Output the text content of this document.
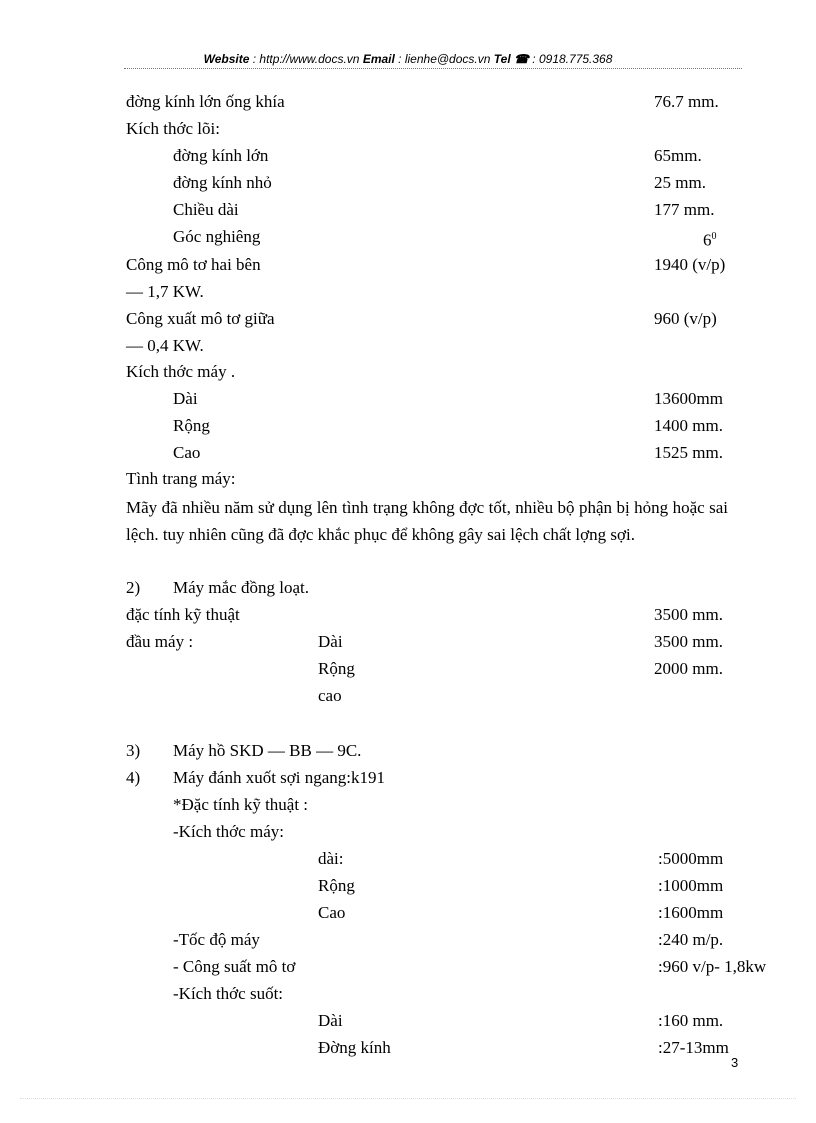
Website : http://www.docs.vn Email : lienhe@docs.vn Tel ☎ : 0918.775.368
đờng kính lớn ống khía	76.7 mm.
Kích thớc lõi:
đờng kính lớn	65mm.
đờng kính nhỏ	25 mm.
Chiều dài	177 mm.
Góc nghiêng	$6^0$
Công mô tơ hai bên	1940 (v/p)
— 1,7 KW.
Công xuất mô tơ giữa	960 (v/p)
— 0,4 KW.
Kích thớc máy .
Dài	13600mm
Rộng	1400 mm.
Cao	1525 mm.
Tình trang máy:
Mãy đã nhiều năm sử dụng lên tình trạng không đợc tốt, nhiều bộ phận bị hỏng hoặc sai lệch. tuy nhiên cũng đã đợc khắc phục để không gây sai lệch chất lợng sợi.
2) Máy mắc đồng loạt.
đặc tính kỹ thuật	3500 mm.
đầu máy :	Dài	3500 mm.
Rộng	2000 mm.
cao
3) Máy hồ SKD — BB — 9C.
4) Máy đánh xuốt sợi ngang:k191
*Đặc tính kỹ thuật :
-Kích thớc máy:
dài:	:5000mm
Rộng	:1000mm
Cao	:1600mm
-Tốc độ máy	:240 m/p.
- Công suất mô tơ	:960 v/p- 1,8kw
-Kích thớc suốt:
Dài	:160 mm.
Đờng kính	:27-13mm
3
